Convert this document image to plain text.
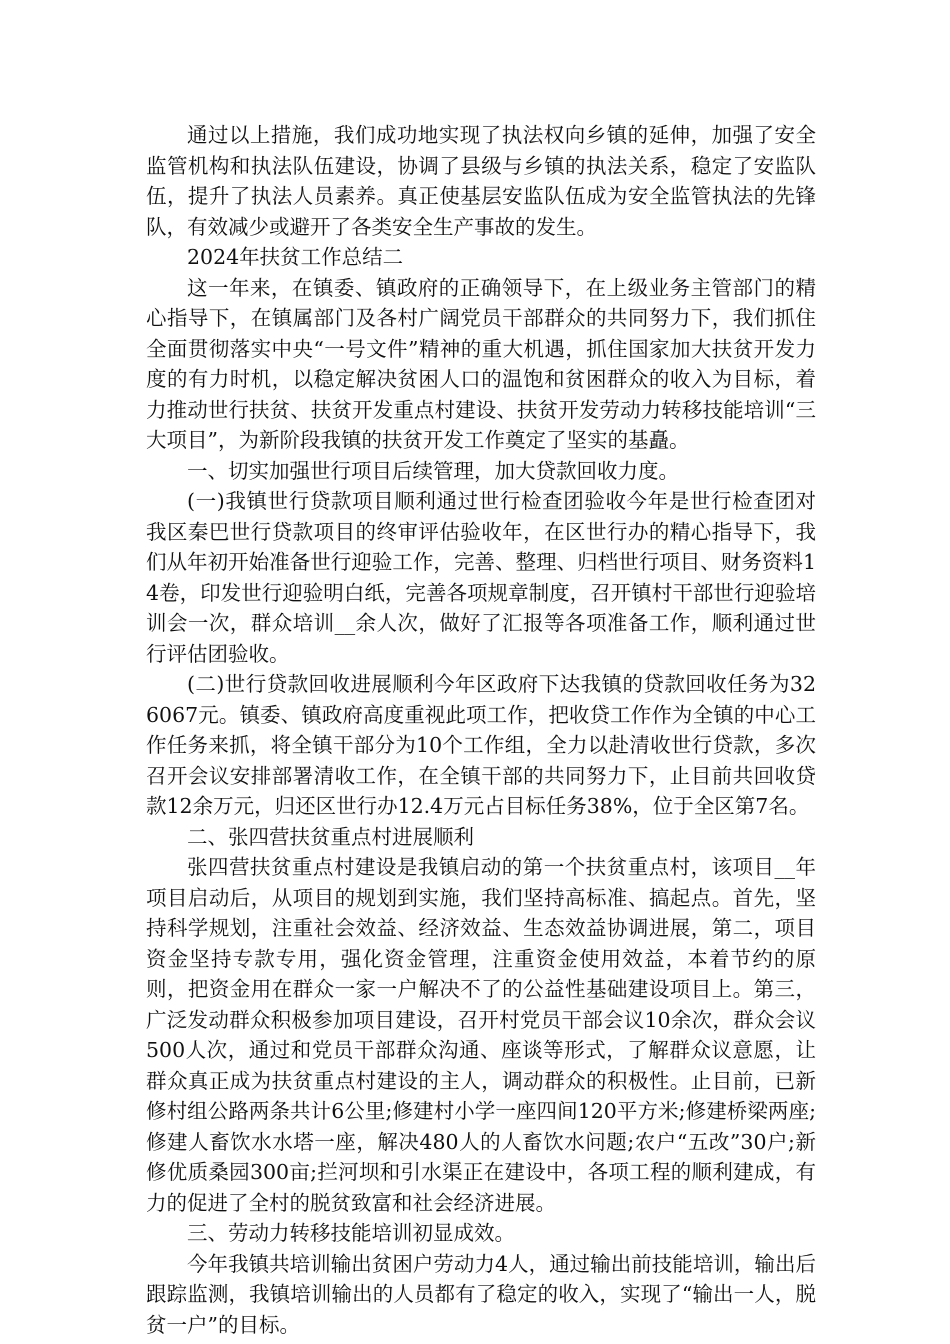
通过以上措施，我们成功地实现了执法权向乡镇的延伸，加强了安全监管机构和执法队伍建设，协调了县级与乡镇的执法关系，稳定了安监队伍，提升了执法人员素养。真正使基层安监队伍成为安全监管执法的先锋队，有效减少或避开了各类安全生产事故的发生。

2024年扶贫工作总结二

这一年来，在镇委、镇政府的正确领导下，在上级业务主管部门的精心指导下，在镇属部门及各村广阔党员干部群众的共同努力下，我们抓住全面贯彻落实中央“一号文件”精神的重大机遇，抓住国家加大扶贫开发力度的有力时机，以稳定解决贫困人口的温饱和贫困群众的收入为目标，着力推动世行扶贫、扶贫开发重点村建设、扶贫开发劳动力转移技能培训“三大项目”，为新阶段我镇的扶贫开发工作奠定了坚实的基矗。

一、切实加强世行项目后续管理，加大贷款回收力度。

(一)我镇世行贷款项目顺利通过世行检查团验收今年是世行检查团对我区秦巴世行贷款项目的终审评估验收年，在区世行办的精心指导下，我们从年初开始准备世行迎验工作，完善、整理、归档世行项目、财务资料14卷，印发世行迎验明白纸，完善各项规章制度，召开镇村干部世行迎验培训会一次，群众培训__余人次，做好了汇报等各项准备工作，顺利通过世行评估团验收。

(二)世行贷款回收进展顺利今年区政府下达我镇的贷款回收任务为326067元。镇委、镇政府高度重视此项工作，把收贷工作作为全镇的中心工作任务来抓，将全镇干部分为10个工作组，全力以赴清收世行贷款，多次召开会议安排部署清收工作，在全镇干部的共同努力下，止目前共回收贷款12余万元，归还区世行办12.4万元占目标任务38%，位于全区第7名。

二、张四营扶贫重点村进展顺利

张四营扶贫重点村建设是我镇启动的第一个扶贫重点村，该项目__年项目启动后，从项目的规划到实施，我们坚持高标准、搞起点。首先，坚持科学规划，注重社会效益、经济效益、生态效益协调进展，第二，项目资金坚持专款专用，强化资金管理，注重资金使用效益，本着节约的原则，把资金用在群众一家一户解决不了的公益性基础建设项目上。第三，广泛发动群众积极参加项目建设，召开村党员干部会议10余次，群众会议500人次，通过和党员干部群众沟通、座谈等形式，了解群众议意愿，让群众真正成为扶贫重点村建设的主人，调动群众的积极性。止目前，已新修村组公路两条共计6公里;修建村小学一座四间120平方米;修建桥梁两座;修建人畜饮水水塔一座，解决480人的人畜饮水问题;农户“五改”30户;新修优质桑园300亩;拦河坝和引水渠正在建设中，各项工程的顺利建成，有力的促进了全村的脱贫致富和社会经济进展。

三、劳动力转移技能培训初显成效。

今年我镇共培训输出贫困户劳动力4人，通过输出前技能培训，输出后跟踪监测，我镇培训输出的人员都有了稳定的收入，实现了“输出一人，脱贫一户”的目标。
